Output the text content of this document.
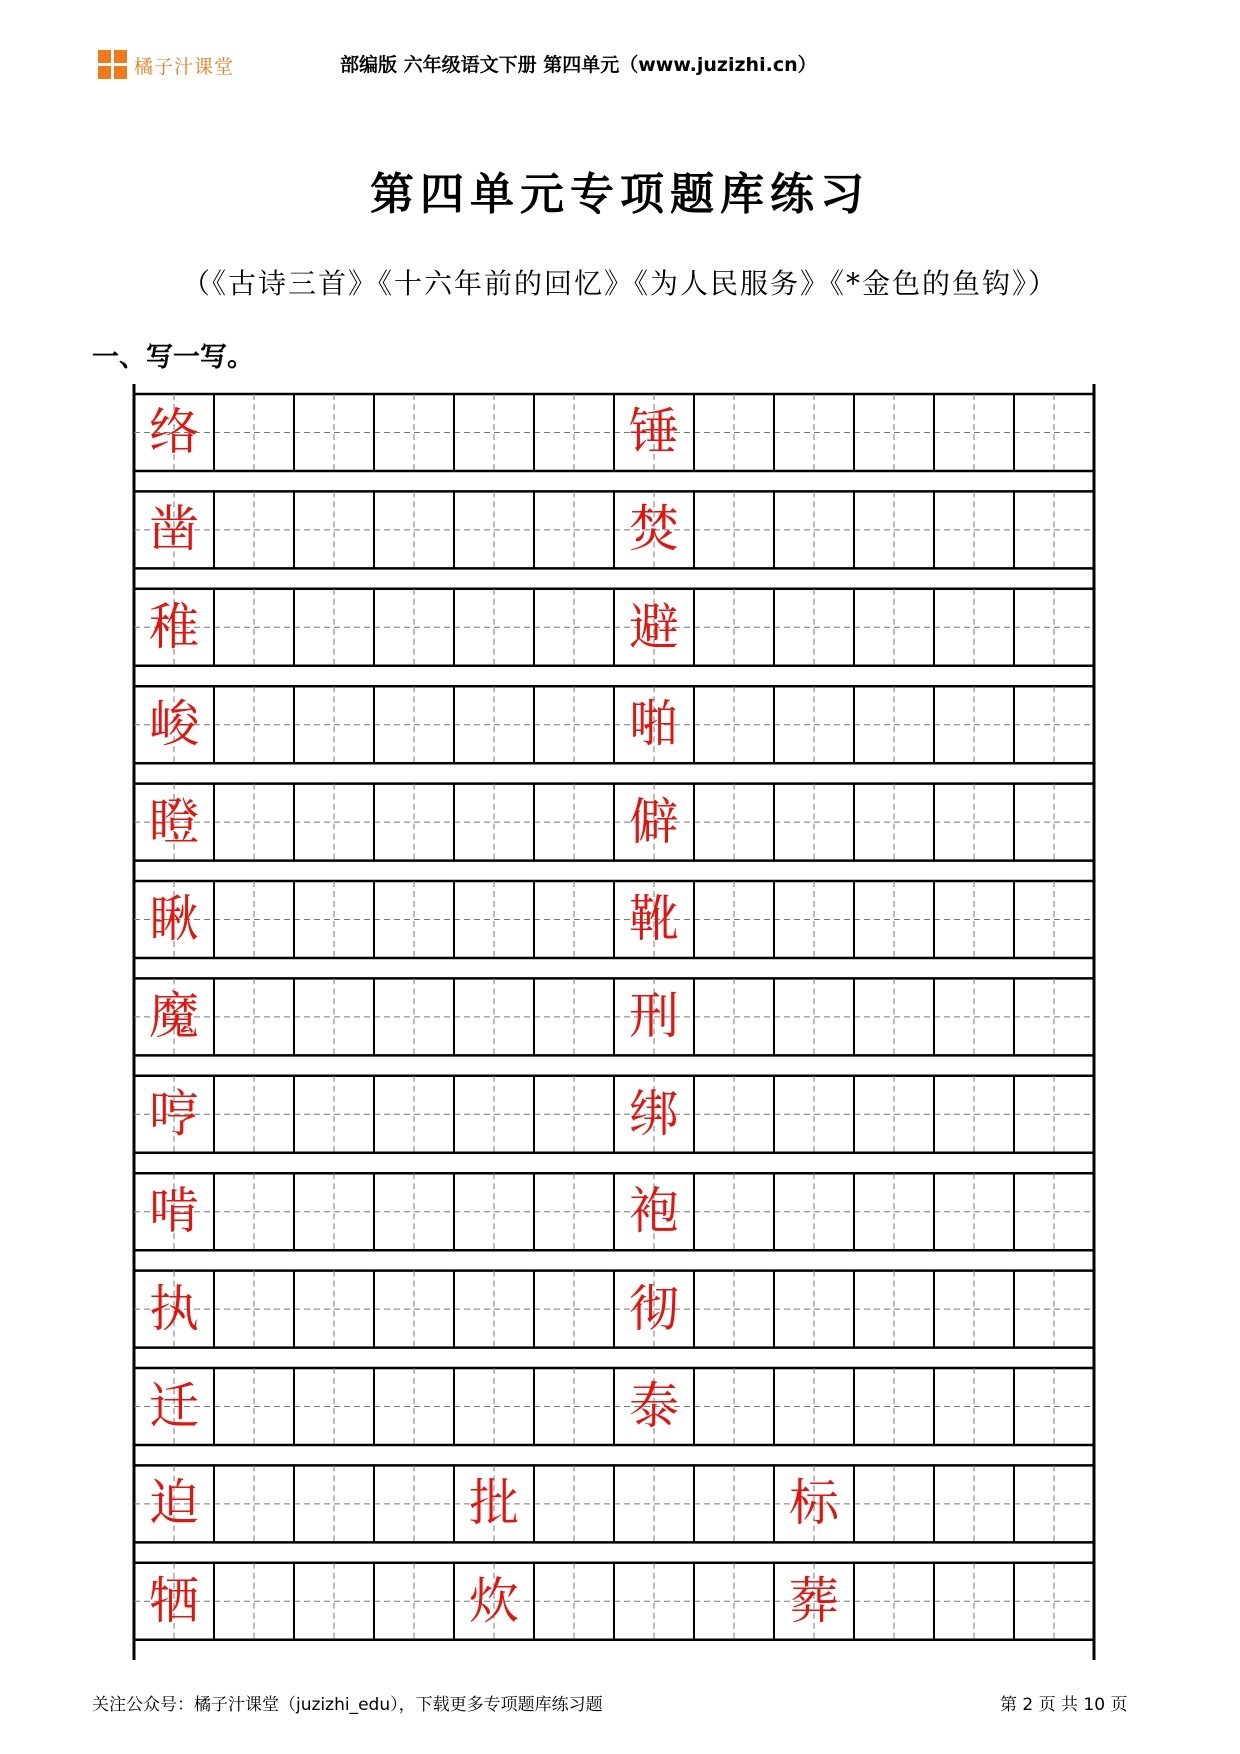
橘子汁课堂	部编版 六年级语文下册 第四单元（www.juzizhi.cn）
第四单元专项题库练习
（《古诗三首》《十六年前的回忆》《为人民服务》《*金色的鱼钩》）
一、写一写。
络	锤
凿	焚
稚	避
峻	啪
瞪	僻
瞅	靴
魔	刑
哼	绑
啃	袍
执	彻
迁	泰
迫	批	标
牺	炊	葬
关注公众号：橘子汁课堂（juzizhi_edu），下载更多专项题库练习题	第 2 页 共 10 页
